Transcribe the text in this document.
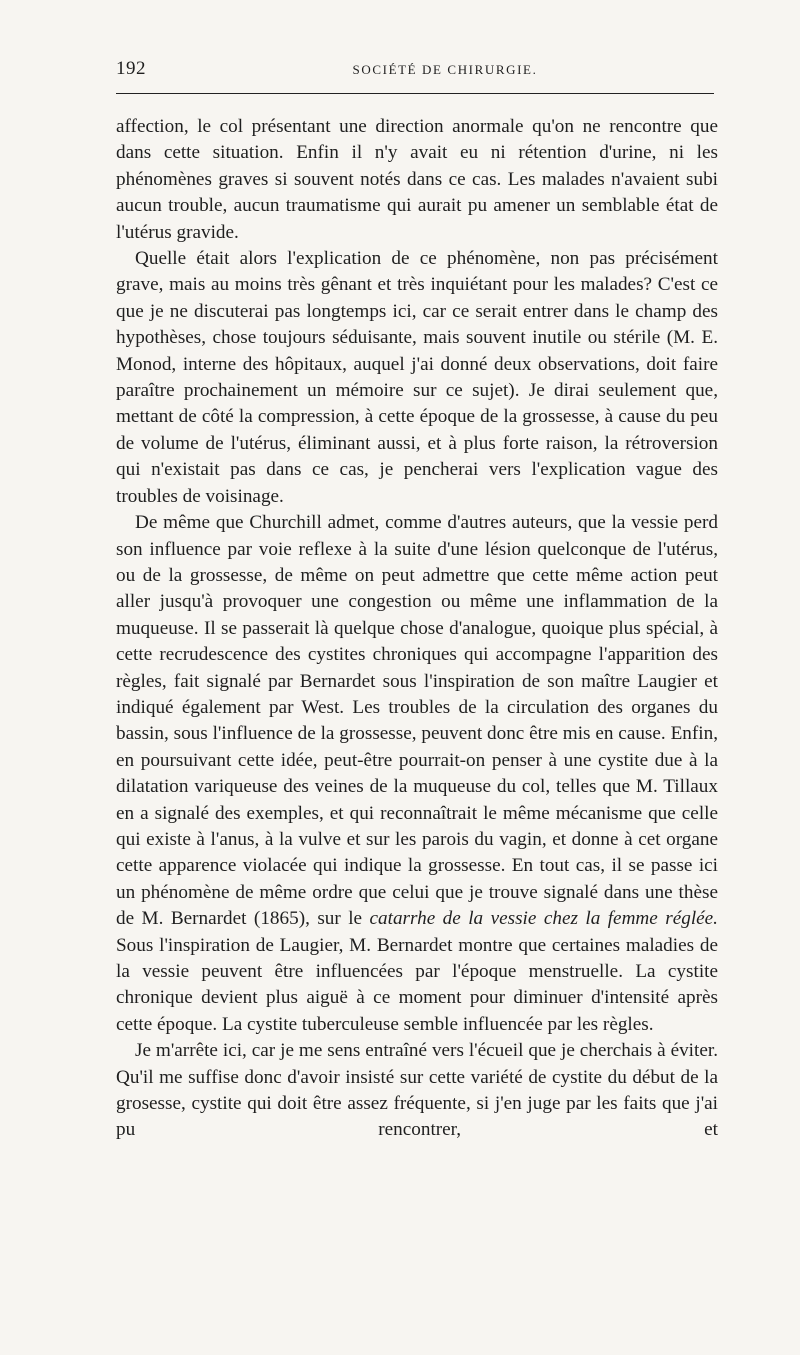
192	SOCIÉTÉ DE CHIRURGIE.

affection, le col présentant une direction anormale qu'on ne rencontre que dans cette situation. Enfin il n'y avait eu ni rétention d'urine, ni les phénomènes graves si souvent notés dans ce cas. Les malades n'avaient subi aucun trouble, aucun traumatisme qui aurait pu amener un semblable état de l'utérus gravide.

Quelle était alors l'explication de ce phénomène, non pas précisément grave, mais au moins très gênant et très inquiétant pour les malades? C'est ce que je ne discuterai pas longtemps ici, car ce serait entrer dans le champ des hypothèses, chose toujours séduisante, mais souvent inutile ou stérile (M. E. Monod, interne des hôpitaux, auquel j'ai donné deux observations, doit faire paraître prochainement un mémoire sur ce sujet). Je dirai seulement que, mettant de côté la compression, à cette époque de la grossesse, à cause du peu de volume de l'utérus, éliminant aussi, et à plus forte raison, la rétroversion qui n'existait pas dans ce cas, je pencherai vers l'explication vague des troubles de voisinage.

De même que Churchill admet, comme d'autres auteurs, que la vessie perd son influence par voie reflexe à la suite d'une lésion quelconque de l'utérus, ou de la grossesse, de même on peut admettre que cette même action peut aller jusqu'à provoquer une congestion ou même une inflammation de la muqueuse. Il se passerait là quelque chose d'analogue, quoique plus spécial, à cette recrudescence des cystites chroniques qui accompagne l'apparition des règles, fait signalé par Bernardet sous l'inspiration de son maître Laugier et indiqué également par West. Les troubles de la circulation des organes du bassin, sous l'influence de la grossesse, peuvent donc être mis en cause. Enfin, en poursuivant cette idée, peut-être pourrait-on penser à une cystite due à la dilatation variqueuse des veines de la muqueuse du col, telles que M. Tillaux en a signalé des exemples, et qui reconnaîtrait le même mécanisme que celle qui existe à l'anus, à la vulve et sur les parois du vagin, et donne à cet organe cette apparence violacée qui indique la grossesse. En tout cas, il se passe ici un phénomène de même ordre que celui que je trouve signalé dans une thèse de M. Bernardet (1865), sur le catarrhe de la vessie chez la femme réglée. Sous l'inspiration de Laugier, M. Bernardet montre que certaines maladies de la vessie peuvent être influencées par l'époque menstruelle. La cystite chronique devient plus aiguë à ce moment pour diminuer d'intensité après cette époque. La cystite tuberculeuse semble influencée par les règles.

Je m'arrête ici, car je me sens entraîné vers l'écueil que je cherchais à éviter. Qu'il me suffise donc d'avoir insisté sur cette variété de cystite du début de la grosesse, cystite qui doit être assez fréquente, si j'en juge par les faits que j'ai pu rencontrer, et
